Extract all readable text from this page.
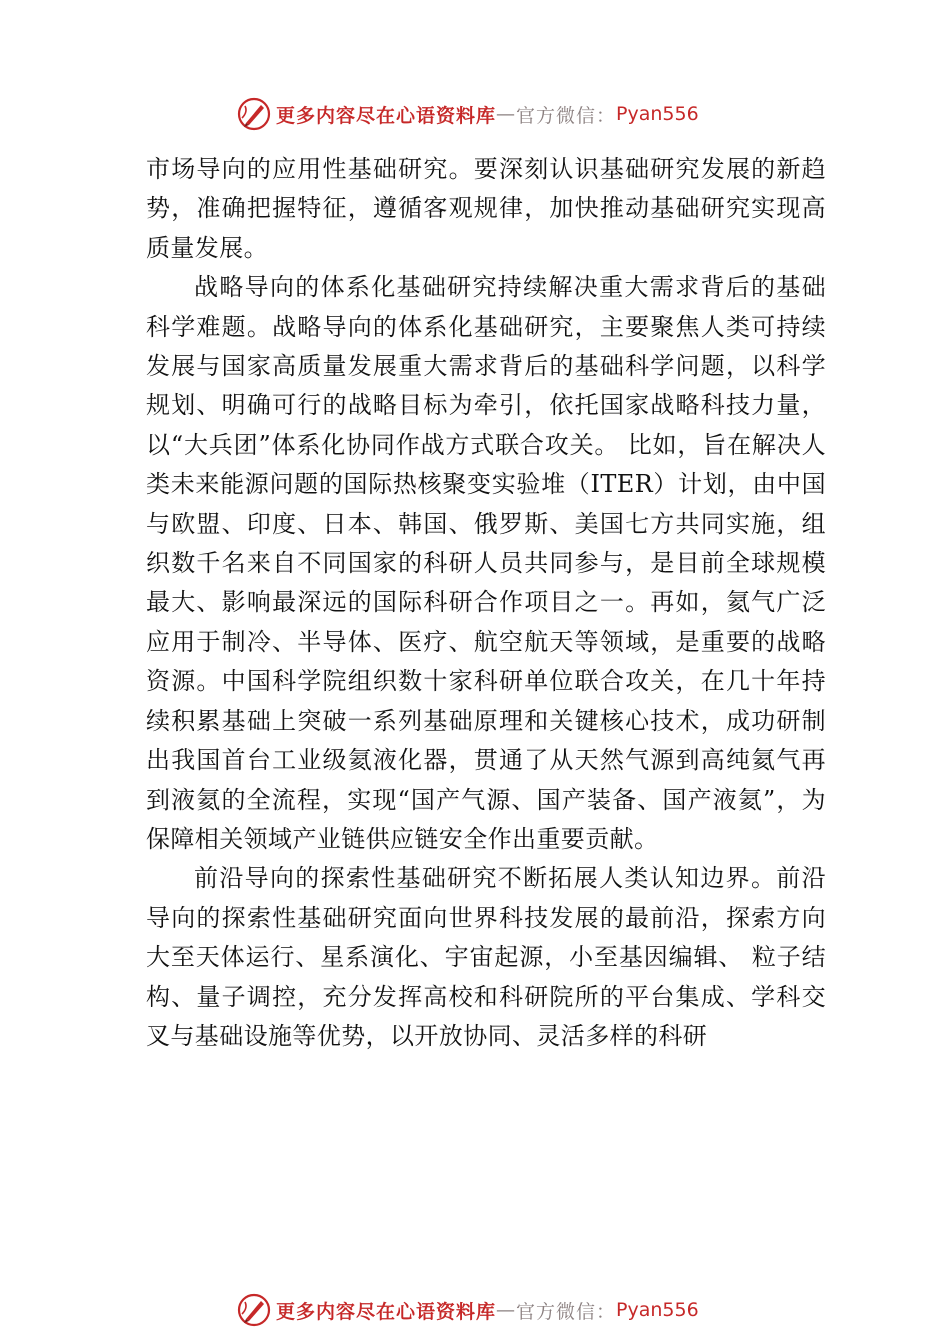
更多内容尽在心语资料库 — 官方微信： Pyan556

市场导向的应用性基础研究。要深刻认识基础研究发展的新趋势，准确把握特征，遵循客观规律，加快推动基础研究实现高质量发展。

战略导向的体系化基础研究持续解决重大需求背后的基础科学难题。战略导向的体系化基础研究，主要聚焦人类可持续发展与国家高质量发展重大需求背后的基础科学问题，以科学规划、明确可行的战略目标为牵引，依托国家战略科技力量，以“大兵团”体系化协同作战方式联合攻关。 比如，旨在解决人类未来能源问题的国际热核聚变实验堆（ITER）计划，由中国与欧盟、印度、日本、韩国、俄罗斯、美国七方共同实施，组织数千名来自不同国家的科研人员共同参与，是目前全球规模最大、影响最深远的国际科研合作项目之一。再如，氦气广泛应用于制冷、半导体、医疗、航空航天等领域，是重要的战略资源。中国科学院组织数十家科研单位联合攻关，在几十年持续积累基础上突破一系列基础原理和关键核心技术，成功研制出我国首台工业级氦液化器，贯通了从天然气源到高纯氦气再到液氦的全流程，实现“国产气源、国产装备、国产液氦”，为保障相关领域产业链供应链安全作出重要贡献。

前沿导向的探索性基础研究不断拓展人类认知边界。前沿导向的探索性基础研究面向世界科技发展的最前沿，探索方向大至天体运行、星系演化、宇宙起源，小至基因编辑、 粒子结构、量子调控，充分发挥高校和科研院所的平台集成、学科交叉与基础设施等优势，以开放协同、灵活多样的科研

更多内容尽在心语资料库 — 官方微信： Pyan556
